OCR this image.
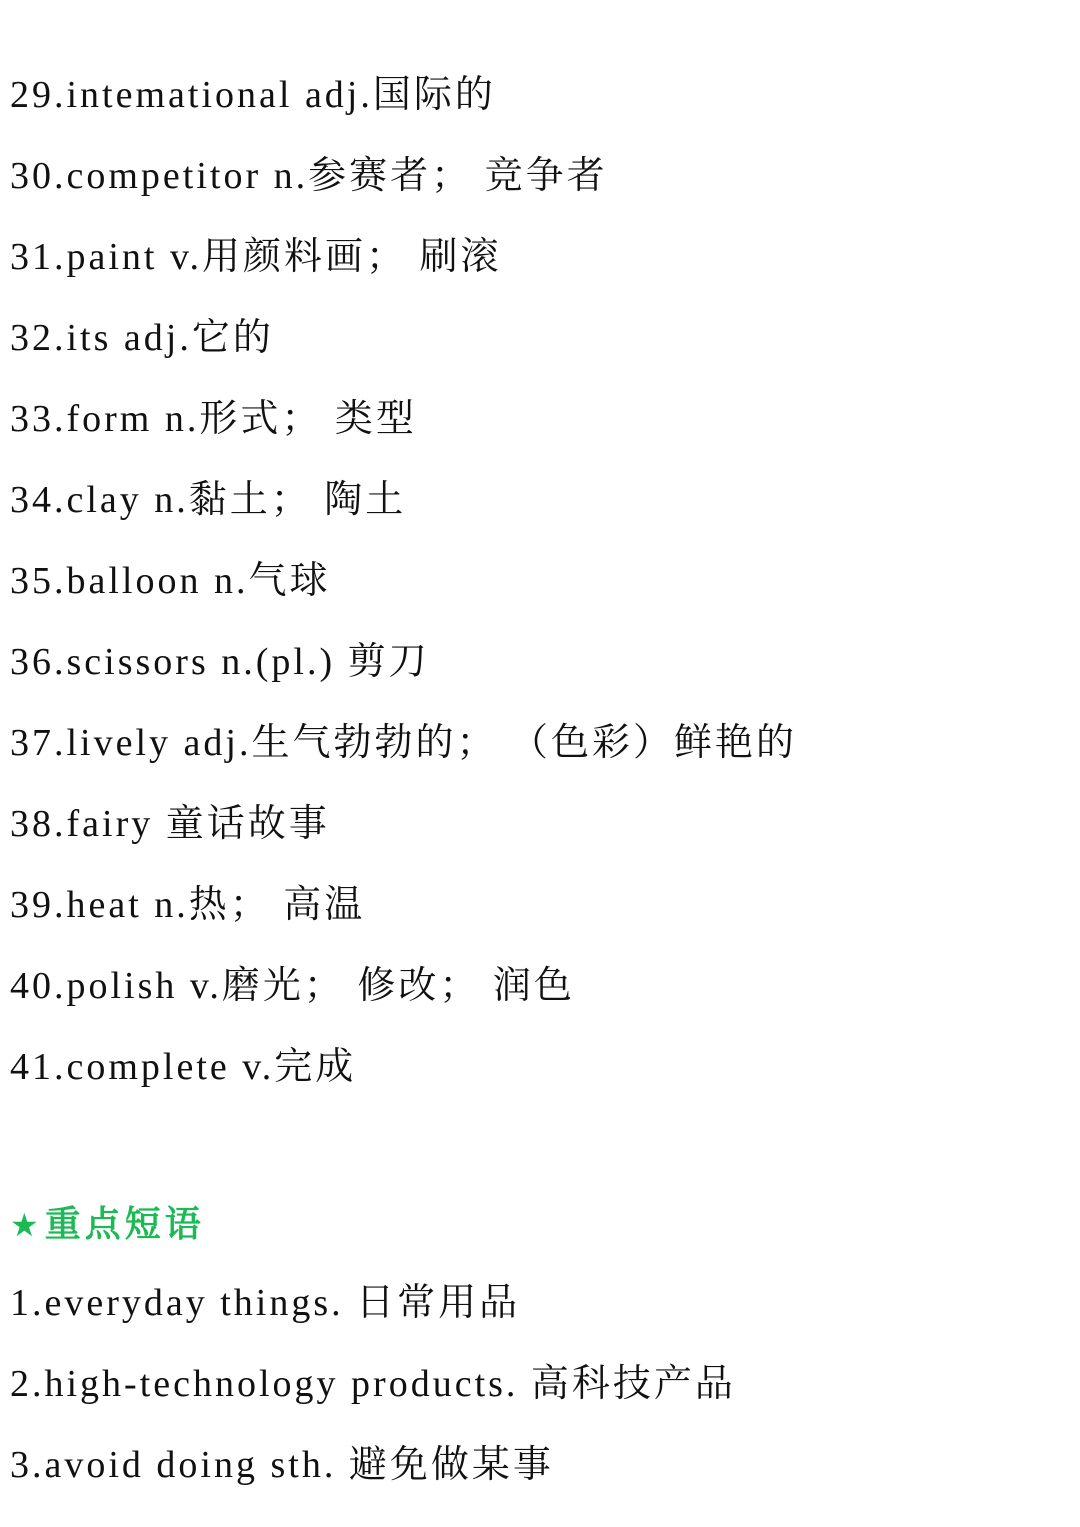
29.intemational adj.国际的
30.competitor n.参赛者； 竞争者
31.paint v.用颜料画； 刷滚
32.its adj.它的
33.form n.形式； 类型
34.clay n.黏土； 陶土
35.balloon n.气球
36.scissors n.(pl.) 剪刀
37.lively adj.生气勃勃的； （色彩）鲜艳的
38.fairy 童话故事
39.heat n.热； 高温
40.polish v.磨光； 修改； 润色
41.complete v.完成
★重点短语
1.everyday things. 日常用品
2.high-technology products. 高科技产品
3.avoid doing sth. 避免做某事
